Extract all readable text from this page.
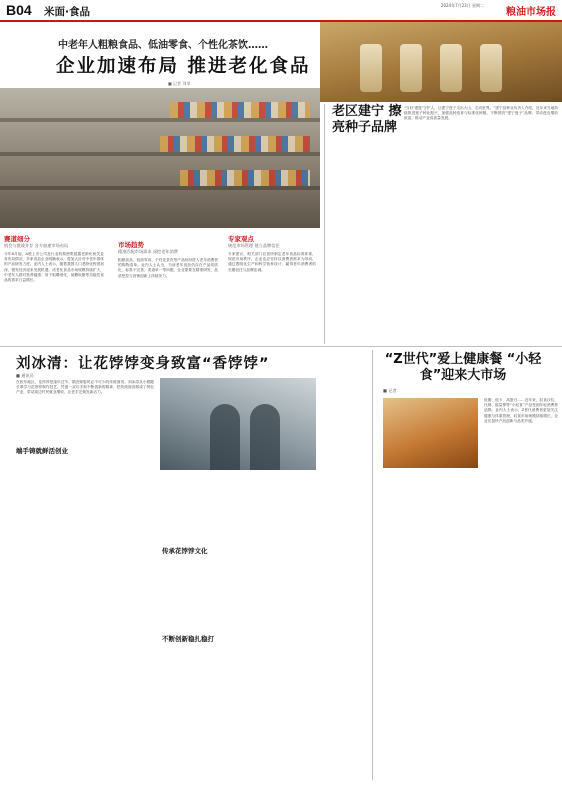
B04 米面·食品
2024年7月23日 星期二
粮油市场报
中老年人粗粮食品、低油零食、个性化茶饮……
企业加速布局 推进老化食品
■ 记者 刘翠
赛道细分
机会与挑战并存 各方加速市场布局
今年6月起，A股上市公司及行业机构密集披露老龄化相关业务布局情况，多家食品企业明确表示，将加大针对中老年群体的产品研发力度。业内人士表示，随着我国人口老龄化程度加深，银发经济迎来发展机遇，适老化食品市场规模持续扩大，中老年人群对营养健康、易于咀嚼消化、低糖低脂等功能性食品的需求日益增长。
市场趋势
精准匹配市场需求 深挖老年消费
粗粮食品、低油零食、个性化茶饮等产品纷纷进入老年消费者的购物清单。业内人士认为，当前老年食品仍存在产品同质化、标准不完善、渠道单一等问题，企业需要在精准研发、品质把控与营销创新上持续发力。
专家观点
规范市场管理 建立品牌信任
专家建议，相关部门应加快制定老年食品标准体系，规范市场秩序，企业也应坚持以消费者需求为导向，通过透明化生产和科学营养设计，赢得老年消费者的长期信任与品牌忠诚。
老区建宁 擦亮种子品牌
“当好‘建莲’守护人，让建宁莲子走出大山、走向世界。”建宁县种业负责人介绍，近年来当地持续推进莲子种业振兴，加强品种选育与标准化种植，不断擦亮“建宁莲子”品牌，带动莲农增收致富，推动产业高质量发展。
刘冰清：让花饽饽变身致富“香饽饽”
■ 通讯员
在胶东地区，花饽饽是逢年过节、婚丧嫁娶时必不可少的传统面食。刘冰清从小跟随长辈学习花饽饽制作技艺，凭借一双巧手和不断创新的精神，把传统面食做成了特色产业，带动周边村民就业增收，让老手艺焕发新活力。
端手铸就鲜活创业
传承花饽饽文化
不断创新稳扎稳打
“Z世代”爱上健康餐 “小轻食”迎来大市场
■ 记者
低脂、低卡、高蛋白……近年来，轻食沙拉、代餐、能量棒等“小轻食”产品受到年轻消费者追捧。业内人士表示，Z世代消费者更加关注健康与体重管理，轻食市场规模持续增长，企业应加快产品创新与品类升级。
